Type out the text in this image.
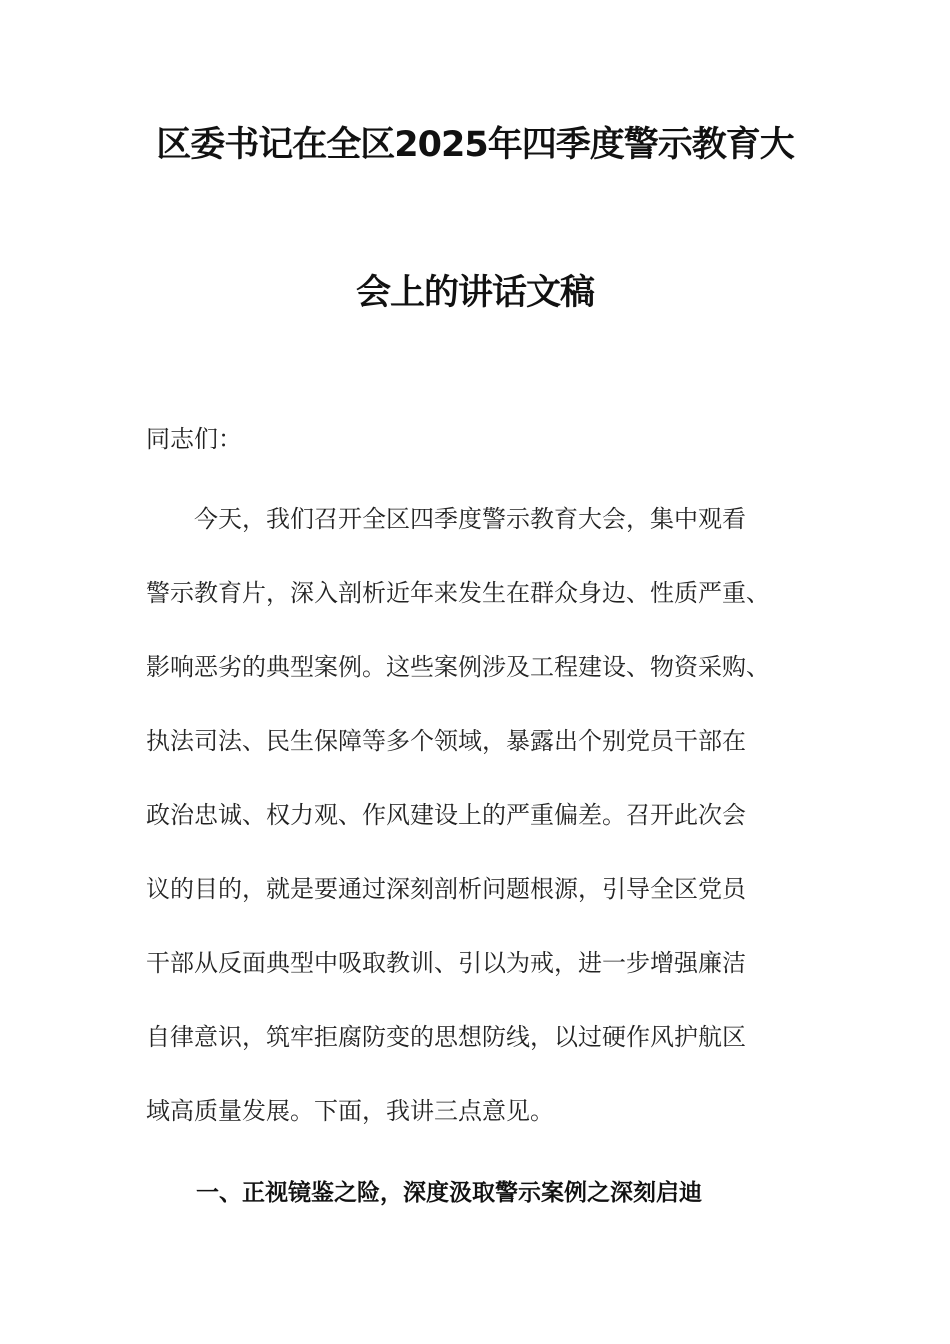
区委书记在全区2025年四季度警示教育大
会上的讲话文稿
同志们：
今天，我们召开全区四季度警示教育大会，集中观看
警示教育片，深入剖析近年来发生在群众身边、性质严重、
影响恶劣的典型案例。这些案例涉及工程建设、物资采购、
执法司法、民生保障等多个领域，暴露出个别党员干部在
政治忠诚、权力观、作风建设上的严重偏差。召开此次会
议的目的，就是要通过深刻剖析问题根源，引导全区党员
干部从反面典型中吸取教训、引以为戒，进一步增强廉洁
自律意识，筑牢拒腐防变的思想防线，以过硬作风护航区
域高质量发展。下面，我讲三点意见。
一、正视镜鉴之险，深度汲取警示案例之深刻启迪
